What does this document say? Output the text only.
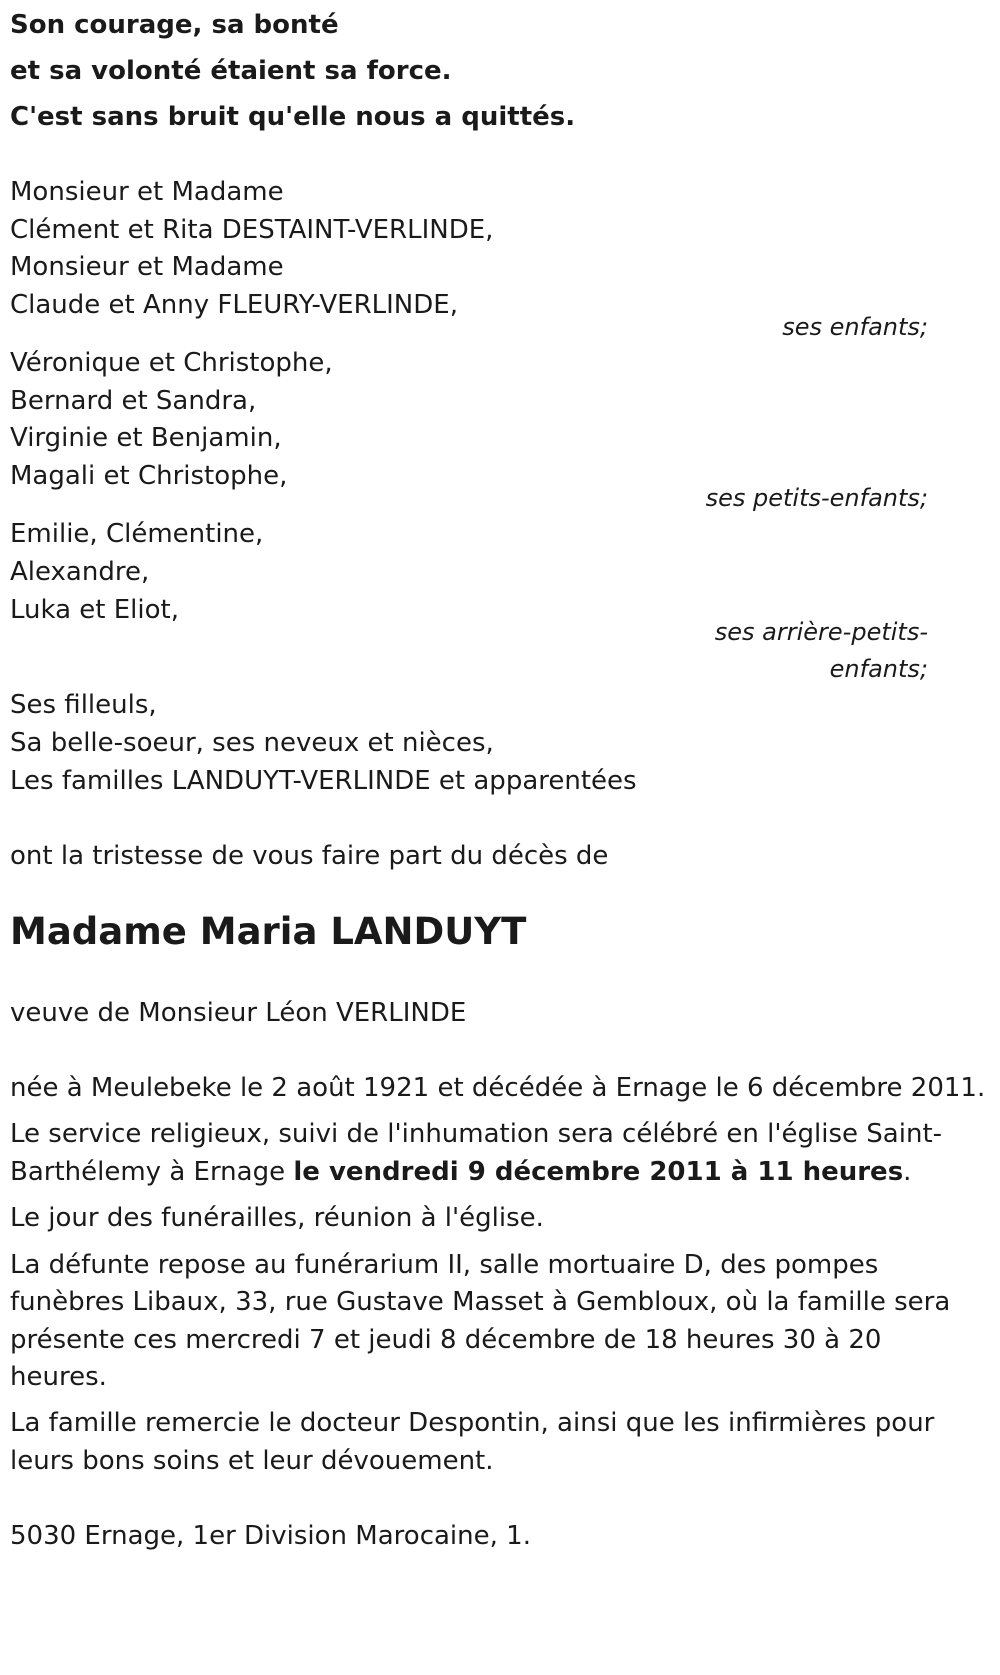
Son courage, sa bonté
et sa volonté étaient sa force.
C'est sans bruit qu'elle nous a quittés.
Monsieur et Madame
Clément et Rita DESTAINT-VERLINDE,
Monsieur et Madame
Claude et Anny FLEURY-VERLINDE,
ses enfants;
Véronique et Christophe,
Bernard et Sandra,
Virginie et Benjamin,
Magali et Christophe,
ses petits-enfants;
Emilie, Clémentine,
Alexandre,
Luka et Eliot,
ses arrière-petits-
enfants;
Ses filleuls,
Sa belle-soeur, ses neveux et nièces,
Les familles LANDUYT-VERLINDE et apparentées
ont la tristesse de vous faire part du décès de
Madame Maria LANDUYT
veuve de Monsieur Léon VERLINDE
née à Meulebeke le 2 août 1921 et décédée à Ernage le 6 décembre 2011.
Le service religieux, suivi de l'inhumation sera célébré en l'église Saint-
Barthélemy à Ernage le vendredi 9 décembre 2011 à 11 heures.
Le jour des funérailles, réunion à l'église.
La défunte repose au funérarium II, salle mortuaire D, des pompes
funèbres Libaux, 33, rue Gustave Masset à Gembloux, où la famille sera
présente ces mercredi 7 et jeudi 8 décembre de 18 heures 30 à 20
heures.
La famille remercie le docteur Despontin, ainsi que les infirmières pour
leurs bons soins et leur dévouement.
5030 Ernage, 1er Division Marocaine, 1.
